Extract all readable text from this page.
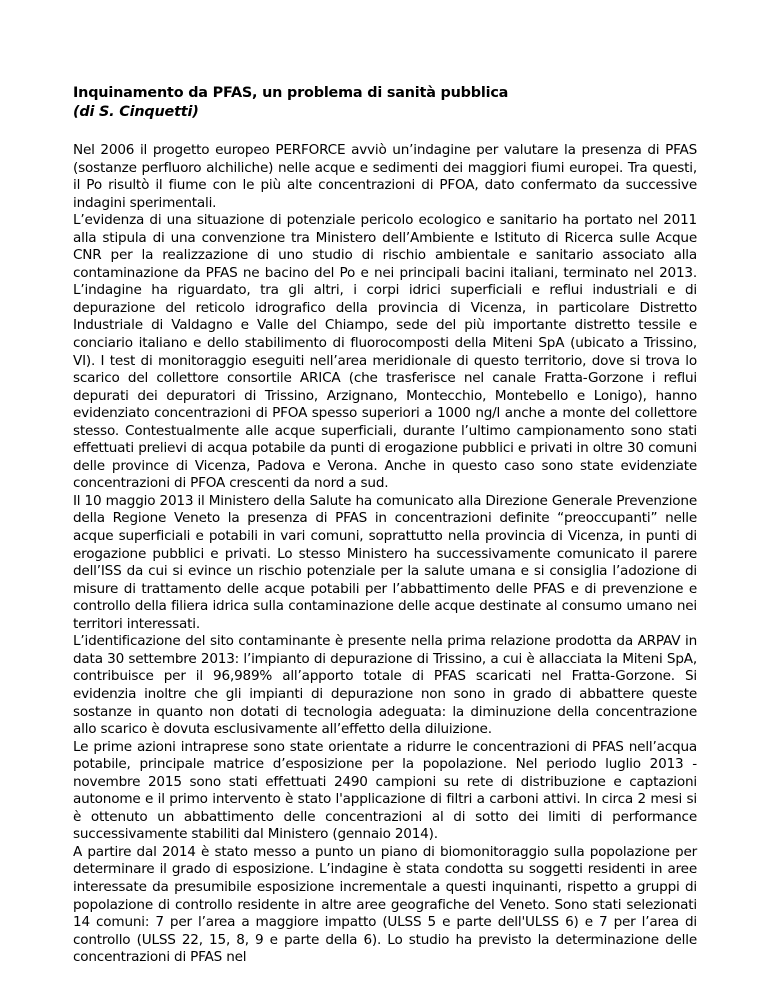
Inquinamento da PFAS, un problema di sanità pubblica
(di S. Cinquetti)

Nel 2006 il progetto europeo PERFORCE avviò un’indagine per valutare la presenza di PFAS (sostanze perfluoro alchiliche) nelle acque e sedimenti dei maggiori fiumi europei. Tra questi, il Po risultò il fiume con le più alte concentrazioni di PFOA, dato confermato da successive indagini sperimentali.

L’evidenza di una situazione di potenziale pericolo ecologico e sanitario ha portato nel 2011 alla stipula di una convenzione tra Ministero dell’Ambiente e Istituto di Ricerca sulle Acque CNR per la realizzazione di uno studio di rischio ambientale e sanitario associato alla contaminazione da PFAS ne bacino del Po e nei principali bacini italiani, terminato nel 2013. L’indagine ha riguardato, tra gli altri, i corpi idrici superficiali e reflui industriali e di depurazione del reticolo idrografico della provincia di Vicenza, in particolare Distretto Industriale di Valdagno e Valle del Chiampo, sede del più importante distretto tessile e conciario italiano e dello stabilimento di fluorocomposti della Miteni SpA (ubicato a Trissino, VI). I test di monitoraggio eseguiti nell’area meridionale di questo territorio, dove si trova lo scarico del collettore consortile ARICA (che trasferisce nel canale Fratta-Gorzone i reflui depurati dei depuratori di Trissino, Arzignano, Montecchio, Montebello e Lonigo), hanno evidenziato concentrazioni di PFOA spesso superiori a 1000 ng/l anche a monte del collettore stesso. Contestualmente alle acque superficiali, durante l’ultimo campionamento sono stati effettuati prelievi di acqua potabile da punti di erogazione pubblici e privati in oltre 30 comuni delle province di Vicenza, Padova e Verona. Anche in questo caso sono state evidenziate concentrazioni di PFOA crescenti da nord a sud.

Il 10 maggio 2013 il Ministero della Salute ha comunicato alla Direzione Generale Prevenzione della Regione Veneto la presenza di PFAS in concentrazioni definite “preoccupanti” nelle acque superficiali e potabili in vari comuni, soprattutto nella provincia di Vicenza, in punti di erogazione pubblici e privati. Lo stesso Ministero ha successivamente comunicato il parere dell’ISS da cui si evince un rischio potenziale per la salute umana e si consiglia l’adozione di misure di trattamento delle acque potabili per l’abbattimento delle PFAS e di prevenzione e controllo della filiera idrica sulla contaminazione delle acque destinate al consumo umano nei territori interessati.

L’identificazione del sito contaminante è presente nella prima relazione prodotta da ARPAV in data 30 settembre 2013: l’impianto di depurazione di Trissino, a cui è allacciata la Miteni SpA, contribuisce per il 96,989% all’apporto totale di PFAS scaricati nel Fratta-Gorzone. Si evidenzia inoltre che gli impianti di depurazione non sono in grado di abbattere queste sostanze in quanto non dotati di tecnologia adeguata: la diminuzione della concentrazione allo scarico è dovuta esclusivamente all’effetto della diluizione.

Le prime azioni intraprese sono state orientate a ridurre le concentrazioni di PFAS nell’acqua potabile, principale matrice d’esposizione per la popolazione. Nel periodo luglio 2013 - novembre 2015 sono stati effettuati 2490 campioni su rete di distribuzione e captazioni autonome e il primo intervento è stato l'applicazione di filtri a carboni attivi. In circa 2 mesi si è ottenuto un abbattimento delle concentrazioni al di sotto dei limiti di performance successivamente stabiliti dal Ministero (gennaio 2014).

A partire dal 2014 è stato messo a punto un piano di biomonitoraggio sulla popolazione per determinare il grado di esposizione. L’indagine è stata condotta su soggetti residenti in aree interessate da presumibile esposizione incrementale a questi inquinanti, rispetto a gruppi di popolazione di controllo residente in altre aree geografiche del Veneto. Sono stati selezionati 14 comuni: 7 per l’area a maggiore impatto (ULSS 5 e parte dell'ULSS 6) e 7 per l’area di controllo (ULSS 22, 15, 8, 9 e parte della 6). Lo studio ha previsto la determinazione delle concentrazioni di PFAS nel
